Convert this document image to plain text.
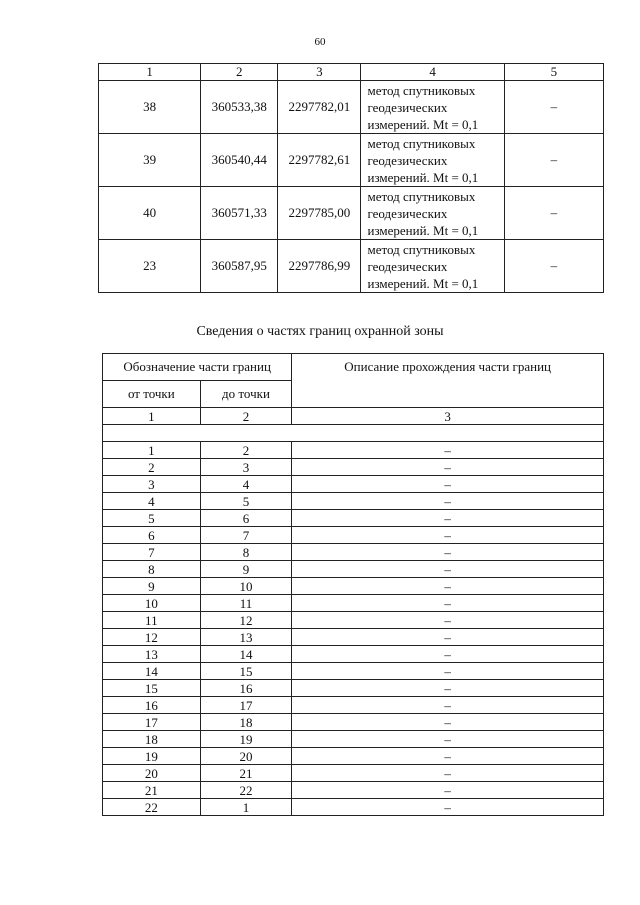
60
1	2	3	4	5
38	360533,38	2297782,01	метод спутниковых
геодезических
измерений. Mt = 0,1	–
39	360540,44	2297782,61	метод спутниковых
геодезических
измерений. Mt = 0,1	–
40	360571,33	2297785,00	метод спутниковых
геодезических
измерений. Mt = 0,1	–
23	360587,95	2297786,99	метод спутниковых
геодезических
измерений. Mt = 0,1	–
Сведения о частях границ охранной зоны
Обозначение части границ		Описание прохождения части границ
от точки	до точки	
1	2	3

1	2	–
2	3	–
3	4	–
4	5	–
5	6	–
6	7	–
7	8	–
8	9	–
9	10	–
10	11	–
11	12	–
12	13	–
13	14	–
14	15	–
15	16	–
16	17	–
17	18	–
18	19	–
19	20	–
20	21	–
21	22	–
22	1	–
